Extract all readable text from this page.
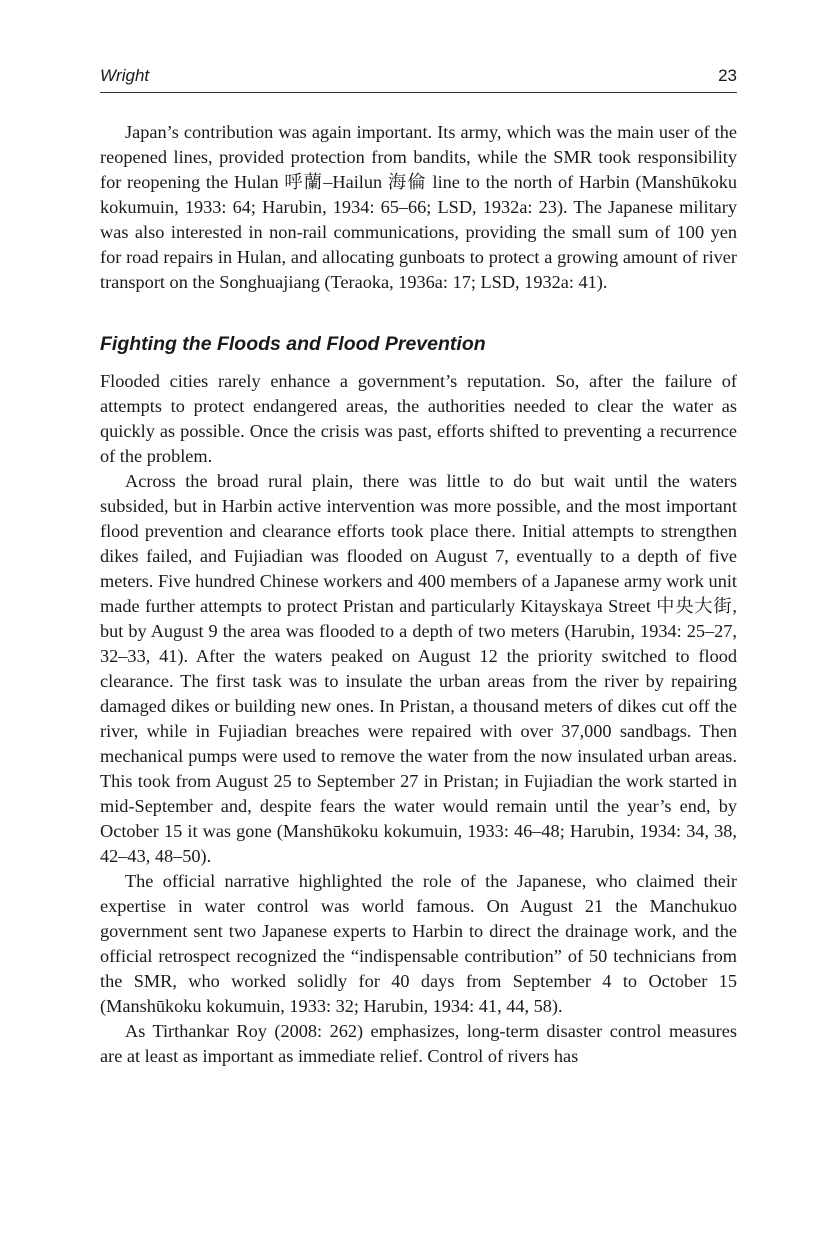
Wright	23

Japan’s contribution was again important. Its army, which was the main user of the reopened lines, provided protection from bandits, while the SMR took responsibility for reopening the Hulan 呼蘭–Hailun 海倫 line to the north of Harbin (Manshūkoku kokumuin, 1933: 64; Harubin, 1934: 65–66; LSD, 1932a: 23). The Japanese military was also interested in non-rail communications, providing the small sum of 100 yen for road repairs in Hulan, and allocating gunboats to protect a growing amount of river transport on the Songhuajiang (Teraoka, 1936a: 17; LSD, 1932a: 41).

Fighting the Floods and Flood Prevention

Flooded cities rarely enhance a government’s reputation. So, after the failure of attempts to protect endangered areas, the authorities needed to clear the water as quickly as possible. Once the crisis was past, efforts shifted to preventing a recurrence of the problem.

Across the broad rural plain, there was little to do but wait until the waters subsided, but in Harbin active intervention was more possible, and the most important flood prevention and clearance efforts took place there. Initial attempts to strengthen dikes failed, and Fujiadian was flooded on August 7, eventually to a depth of five meters. Five hundred Chinese workers and 400 members of a Japanese army work unit made further attempts to protect Pristan and particularly Kitayskaya Street 中央大街, but by August 9 the area was flooded to a depth of two meters (Harubin, 1934: 25–27, 32–33, 41). After the waters peaked on August 12 the priority switched to flood clearance. The first task was to insulate the urban areas from the river by repairing damaged dikes or building new ones. In Pristan, a thousand meters of dikes cut off the river, while in Fujiadian breaches were repaired with over 37,000 sandbags. Then mechanical pumps were used to remove the water from the now insulated urban areas. This took from August 25 to September 27 in Pristan; in Fujiadian the work started in mid-September and, despite fears the water would remain until the year’s end, by October 15 it was gone (Manshūkoku kokumuin, 1933: 46–48; Harubin, 1934: 34, 38, 42–43, 48–50).

The official narrative highlighted the role of the Japanese, who claimed their expertise in water control was world famous. On August 21 the Manchukuo government sent two Japanese experts to Harbin to direct the drainage work, and the official retrospect recognized the “indispensable contribution” of 50 technicians from the SMR, who worked solidly for 40 days from September 4 to October 15 (Manshūkoku kokumuin, 1933: 32; Harubin, 1934: 41, 44, 58).

As Tirthankar Roy (2008: 262) emphasizes, long-term disaster control measures are at least as important as immediate relief. Control of rivers has
